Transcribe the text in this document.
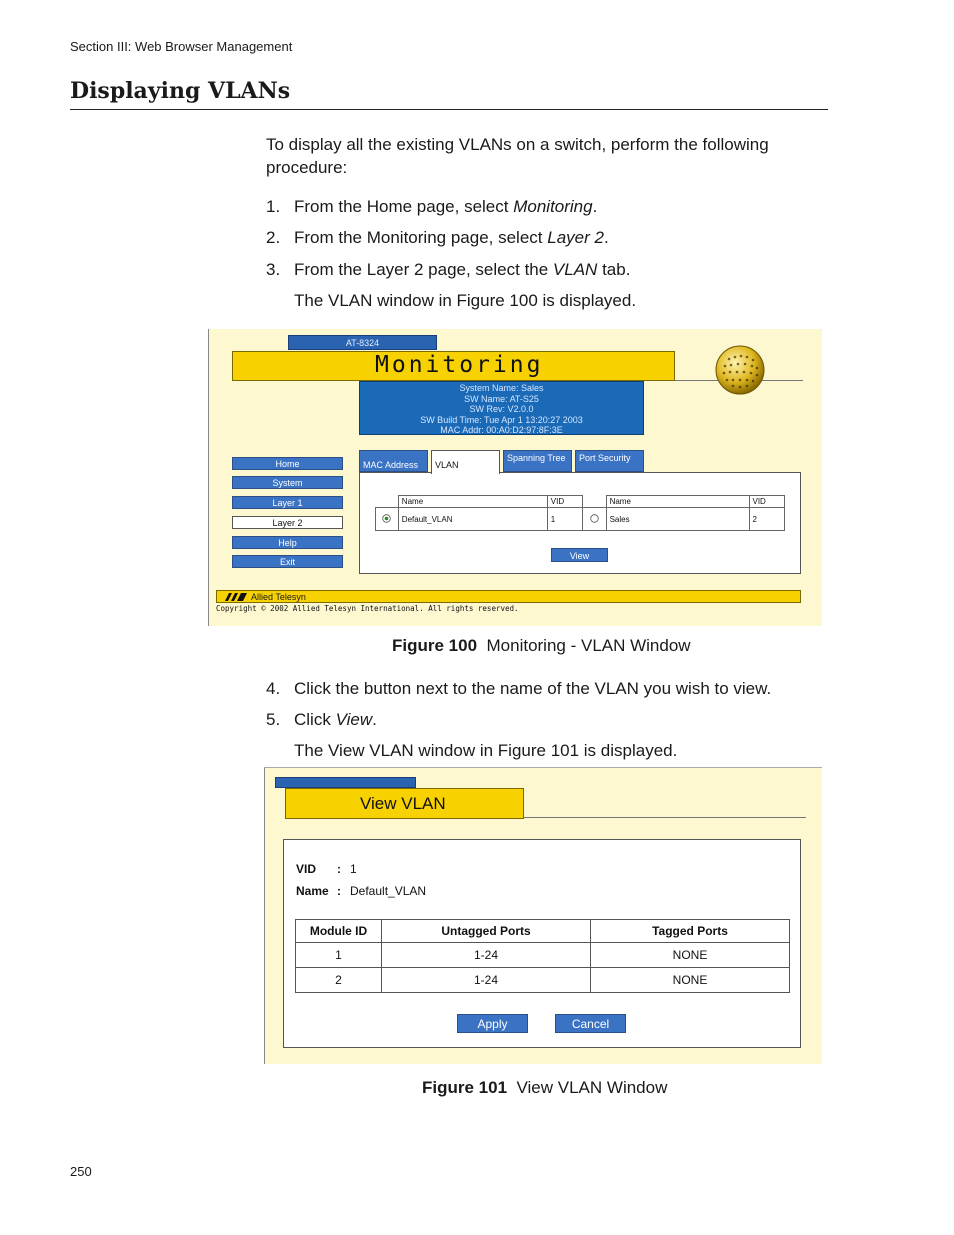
Section III: Web Browser Management
Displaying VLANs
To display all the existing VLANs on a switch, perform the following procedure:
1. From the Home page, select Monitoring.
2. From the Monitoring page, select Layer 2.
3. From the Layer 2 page, select the VLAN tab.
The VLAN window in Figure 100 is displayed.
AT-8324
Monitoring
System Name: Sales
SW Name: AT-S25
SW Rev: V2.0.0
SW Build Time: Tue Apr 1 13:20:27 2003
MAC Addr: 00:A0:D2:97:8F:3E
Home
System
Layer 1
Layer 2
Help
Exit
MAC Address	VLAN
Spanning Tree	Port Security
	Name	VID		Name	VID
	Default_VLAN	1		Sales	2
View
Allied Telesyn
Copyright © 2002 Allied Telesyn International. All rights reserved.
Figure 100 Monitoring - VLAN Window
4. Click the button next to the name of the VLAN you wish to view.
5. Click View.
The View VLAN window in Figure 101 is displayed.
View VLAN
VID : 1
Name : Default_VLAN
Module ID	Untagged Ports	Tagged Ports
1	1-24	NONE
2	1-24	NONE
Apply	Cancel
Figure 101 View VLAN Window
250
